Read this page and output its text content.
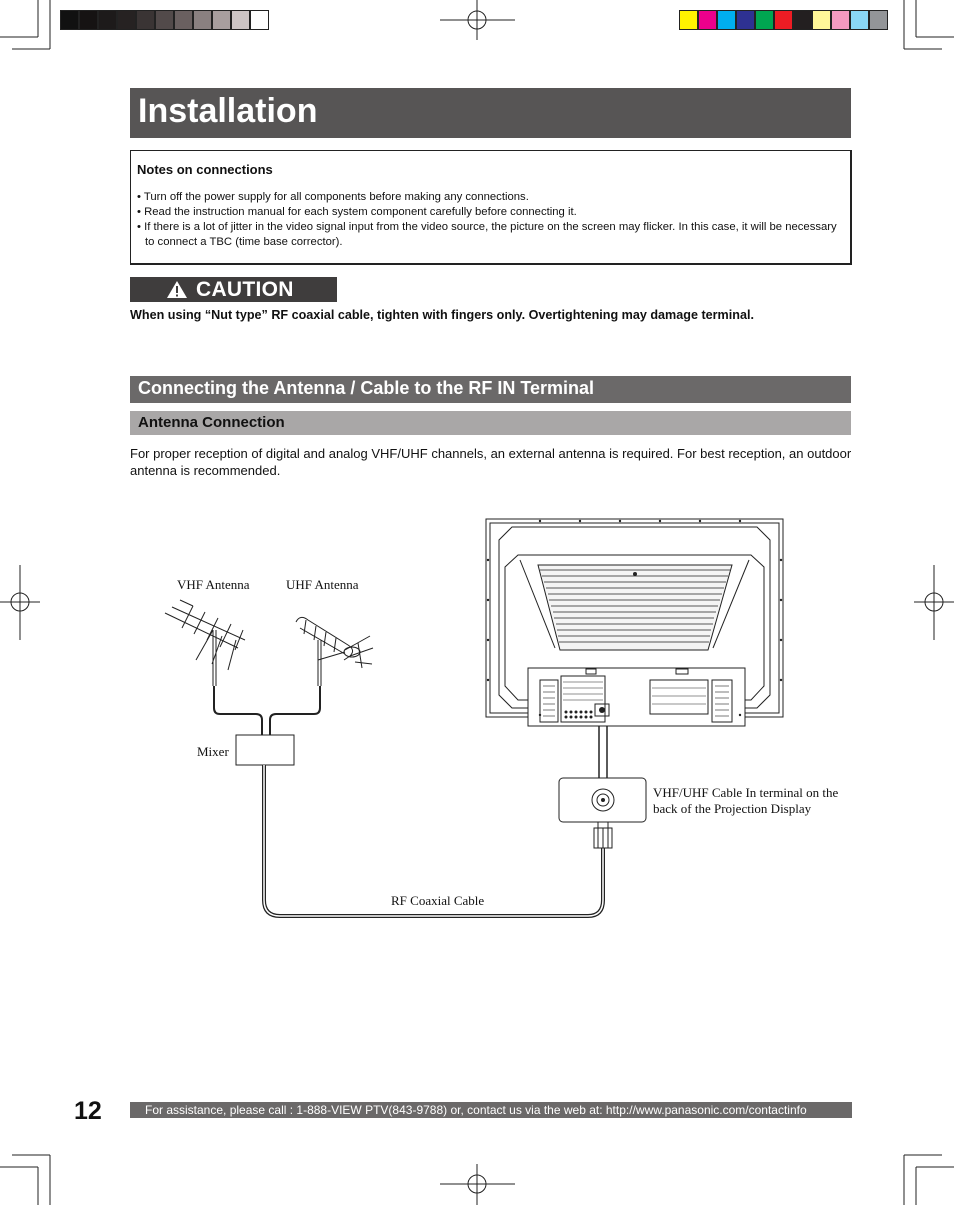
Installation
Notes on connections
• Turn off the power supply for all components before making any connections.
• Read the instruction manual for each system component carefully before connecting it.
• If there is a lot of jitter in the video signal input from the video source, the picture on the screen may flicker. In this case, it will be necessary to connect a TBC (time base corrector).
CAUTION
When using “Nut type” RF coaxial cable, tighten with fingers only. Overtightening may damage terminal.
Connecting the Antenna / Cable to the RF IN Terminal
Antenna Connection
For proper reception of digital and analog VHF/UHF channels, an external antenna is required. For best reception, an outdoor antenna is recommended.
VHF Antenna	UHF Antenna
Mixer
VHF/UHF Cable In terminal on the
back of the Projection Display
RF Coaxial Cable
12	For assistance, please call : 1-888-VIEW PTV(843-9788) or, contact us via the web at: http://www.panasonic.com/contactinfo
